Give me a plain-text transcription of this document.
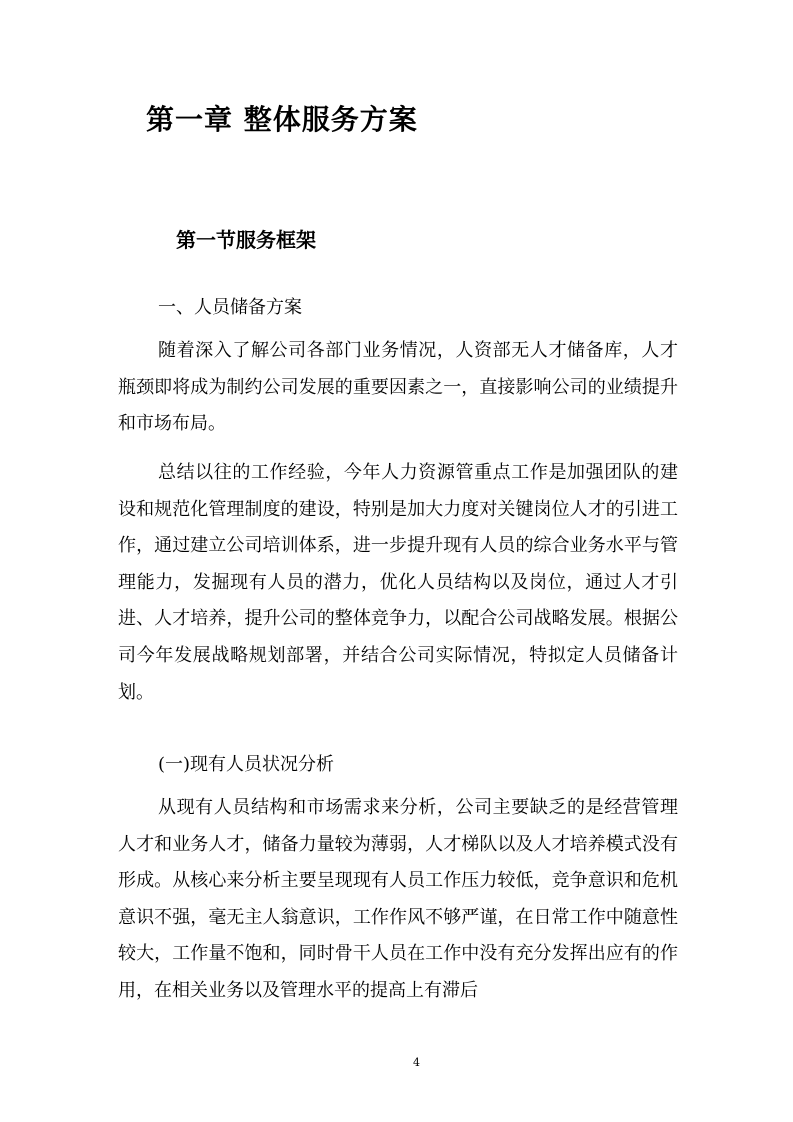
第一章 整体服务方案
第一节服务框架
一、人员储备方案

随着深入了解公司各部门业务情况，人资部无人才储备库，人才瓶颈即将成为制约公司发展的重要因素之一，直接影响公司的业绩提升和市场布局。

总结以往的工作经验，今年人力资源管重点工作是加强团队的建设和规范化管理制度的建设，特别是加大力度对关键岗位人才的引进工作，通过建立公司培训体系，进一步提升现有人员的综合业务水平与管理能力，发掘现有人员的潜力，优化人员结构以及岗位，通过人才引进、人才培养，提升公司的整体竞争力，以配合公司战略发展。根据公司今年发展战略规划部署，并结合公司实际情况，特拟定人员储备计划。

(一)现有人员状况分析

从现有人员结构和市场需求来分析，公司主要缺乏的是经营管理人才和业务人才，储备力量较为薄弱，人才梯队以及人才培养模式没有形成。从核心来分析主要呈现现有人员工作压力较低，竞争意识和危机意识不强，毫无主人翁意识，工作作风不够严谨，在日常工作中随意性较大，工作量不饱和，同时骨干人员在工作中没有充分发挥出应有的作用，在相关业务以及管理水平的提高上有滞后

4
